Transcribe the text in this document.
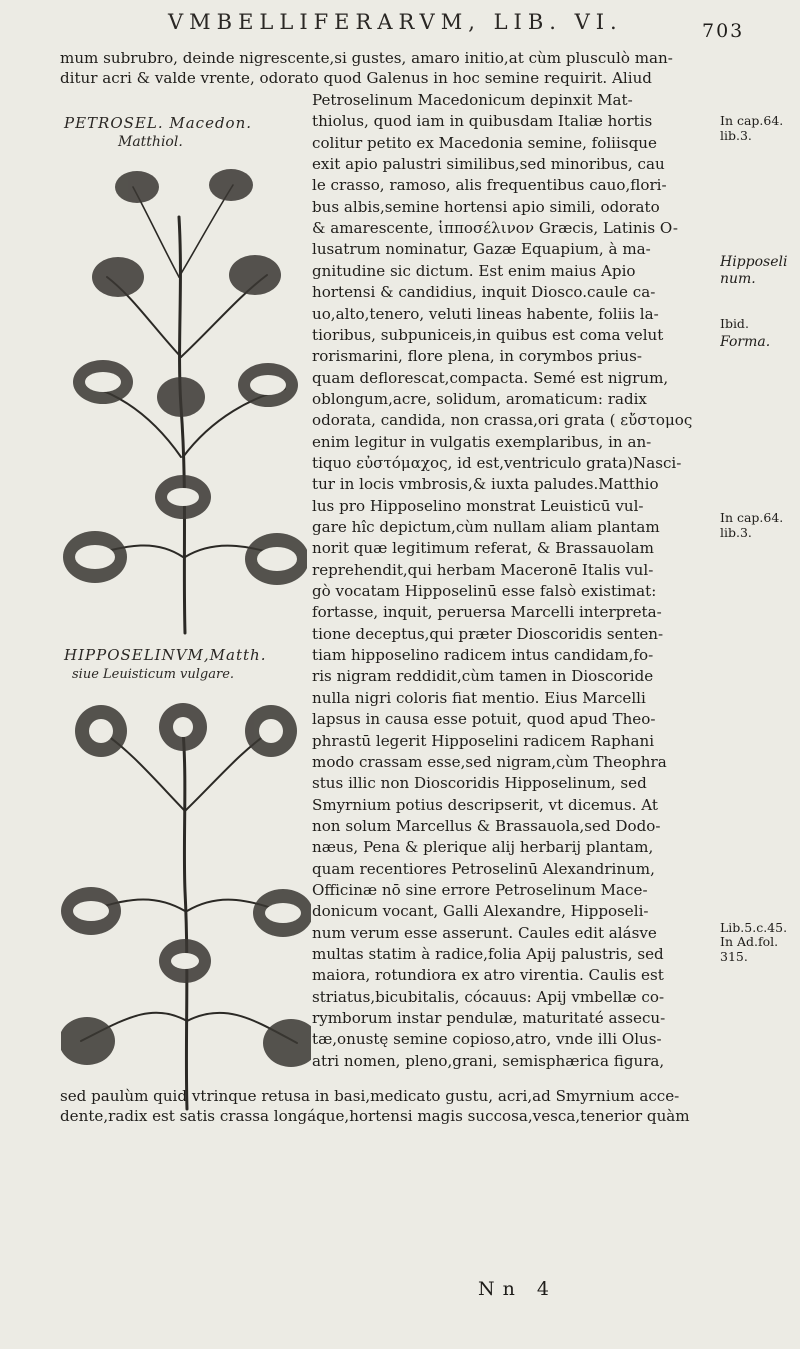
VMBELLIFERARVM, LIB. VI.	703
mum subrubro, deinde nigrescente,si gustes, amaro initio,at cùm plusculò man-
ditur acri & valde vrente, odorato quod Galenus in hoc semine requirit. Aliud
Petroselinum Macedonicum depinxit Mat-
thiolus, quod iam in quibusdam Italiæ hortis
colitur petito ex Macedonia semine, foliisque
exit apio palustri similibus,sed minoribus, cau
le crasso, ramoso, alis frequentibus cauo,flori-
bus albis,semine hortensi apio simili, odorato
& amarescente, ἱπποσέλινον Græcis, Latinis O-
lusatrum nominatur, Gazæ Equapium, à ma-
gnitudine sic dictum. Est enim maius Apio
hortensi & candidius, inquit Diosco.caule ca-
uo,alto,tenero, veluti lineas habente, foliis la-
tioribus, subpuniceis,in quibus est coma velut
rorismarini, flore plena, in corymbos prius-
quam deflorescat,compacta. Semé est nigrum,
oblongum,acre, solidum, aromaticum: radix
odorata, candida, non crassa,ori grata ( εὔστομος
enim legitur in vulgatis exemplaribus, in an-
tiquo εὐστόμαχος, id est,ventriculo grata)Nasci-
tur in locis vmbrosis,& iuxta paludes.Matthio
lus pro Hipposelino monstrat Leuisticū vul-
gare hîc depictum,cùm nullam aliam plantam
norit quæ legitimum referat, & Brassauolam
reprehendit,qui herbam Maceronē Italis vul-
gò vocatam Hipposelinū esse falsò existimat:
fortasse, inquit, peruersa Marcelli interpreta-
tione deceptus,qui præter Dioscoridis senten-
tiam hipposelino radicem intus candidam,fo-
ris nigram reddidit,cùm tamen in Dioscoride
nulla nigri coloris fiat mentio. Eius Marcelli
lapsus in causa esse potuit, quod apud Theo-
phrastū legerit Hipposelini radicem Raphani
modo crassam esse,sed nigram,cùm Theophra
stus illic non Dioscoridis Hipposelinum, sed
Smyrnium potius descripserit, vt dicemus. At
non solum Marcellus & Brassauola,sed Dodo-
næus, Pena & plerique alij herbarij plantam,
quam recentiores Petroselinū Alexandrinum,
Officinæ nō sine errore Petroselinum Mace-
donicum vocant, Galli Alexandre, Hipposeli-
num verum esse asserunt. Caules edit alásve
multas statim à radice,folia Apij palustris, sed
maiora, rotundiora ex atro virentia. Caulis est
striatus,bicubitalis, cócauus: Apij vmbellæ co-
rymborum instar pendulæ, maturitaté assecu-
tæ,onustę semine copioso,atro, vnde illi Olus-
atri nomen, pleno,grani, semisphærica figura,
sed paulùm quid vtrinque retusa in basi,medicato gustu, acri,ad Smyrnium acce-
dente,radix est satis crassa longáque,hortensi magis succosa,vesca,tenerior quàm
PETROSEL. Macedon.
Matthiol.
HIPPOSELINVM,Matth.
siue Leuisticum vulgare.
In cap.64.
lib.3.
Hipposeli
num.
Ibid.
Forma.
In cap.64.
lib.3.
Lib.5.c.45.
In Ad.fol.
315.
Nn 4
